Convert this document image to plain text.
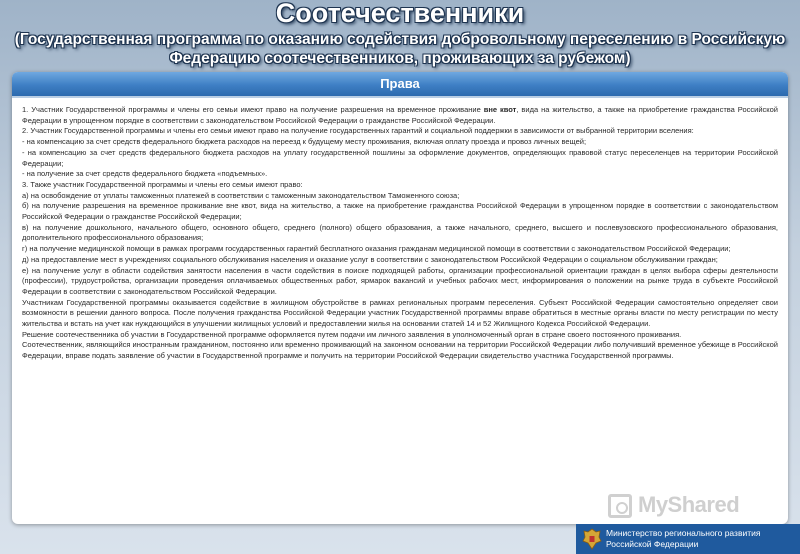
Соотечественники
(Государственная программа по оказанию содействия добровольному переселению в Российскую Федерацию соотечественников, проживающих за рубежом)
Права

1. Участник Государственной программы и члены его семьи имеют право на получение разрешения на временное проживание вне квот, вида на жительство, а также на приобретение гражданства Российской Федерации в упрощенном порядке в соответствии с законодательством Российской Федерации о гражданстве Российской Федерации.

2. Участник Государственной программы и члены его семьи имеют право на получение государственных гарантий и социальной поддержки в зависимости от выбранной территории вселения:

- на компенсацию за счет средств федерального бюджета расходов на переезд к будущему месту проживания, включая оплату проезда и провоз личных вещей;

- на компенсацию за счет средств федерального бюджета расходов на уплату государственной пошлины за оформление документов, определяющих правовой статус переселенцев на территории Российской Федерации;

- на получение за счет средств федерального бюджета «подъемных».

3. Также участник Государственной программы и члены его семьи имеют право:

а) на освобождение от уплаты таможенных платежей в соответствии с таможенным законодательством Таможенного союза;

б) на получение разрешения на временное проживание вне квот, вида на жительство, а также на приобретение гражданства Российской Федерации в упрощенном порядке в соответствии с законодательством Российской Федерации о гражданстве Российской Федерации;

в) на получение дошкольного, начального общего, основного общего, среднего (полного) общего образования, а также начального, среднего, высшего и послевузовского профессионального образования, дополнительного профессионального образования;

г) на получение медицинской помощи в рамках программ государственных гарантий бесплатного оказания гражданам медицинской помощи в соответствии с законодательством Российской Федерации;

д) на предоставление мест в учреждениях социального обслуживания населения и оказание услуг в соответствии с законодательством Российской Федерации о социальном обслуживании граждан;

е) на получение услуг в области содействия занятости населения в части содействия в поиске подходящей работы, организации профессиональной ориентации граждан в целях выбора сферы деятельности (профессии), трудоустройства, организации проведения оплачиваемых общественных работ, ярмарок вакансий и учебных рабочих мест, информирования о положении на рынке труда в субъекте Российской Федерации в соответствии с законодательством Российской Федерации.

Участникам Государственной программы оказывается содействие в жилищном обустройстве в рамках региональных программ переселения. Субъект Российской Федерации самостоятельно определяет свои возможности в решении данного вопроса. После получения гражданства Российской Федерации участник Государственной программы вправе обратиться в местные органы власти по месту регистрации по месту жительства и встать на учет как нуждающийся в улучшении жилищных условий и предоставлении жилья на основании статей 14 и 52 Жилищного Кодекса Российской Федерации.

Решение соотечественника об участии в Государственной программе оформляется путем подачи им личного заявления в уполномоченный орган в стране своего постоянного проживания.

Соотечественник, являющийся иностранным гражданином, постоянно или временно проживающий на законном основании на территории Российской Федерации либо получивший временное убежище в Российской Федерации, вправе подать заявление об участии в Государственной программе и получить на территории Российской Федерации свидетельство участника Государственной программы.

MyShared
Министерство регионального развития
Российской Федерации
